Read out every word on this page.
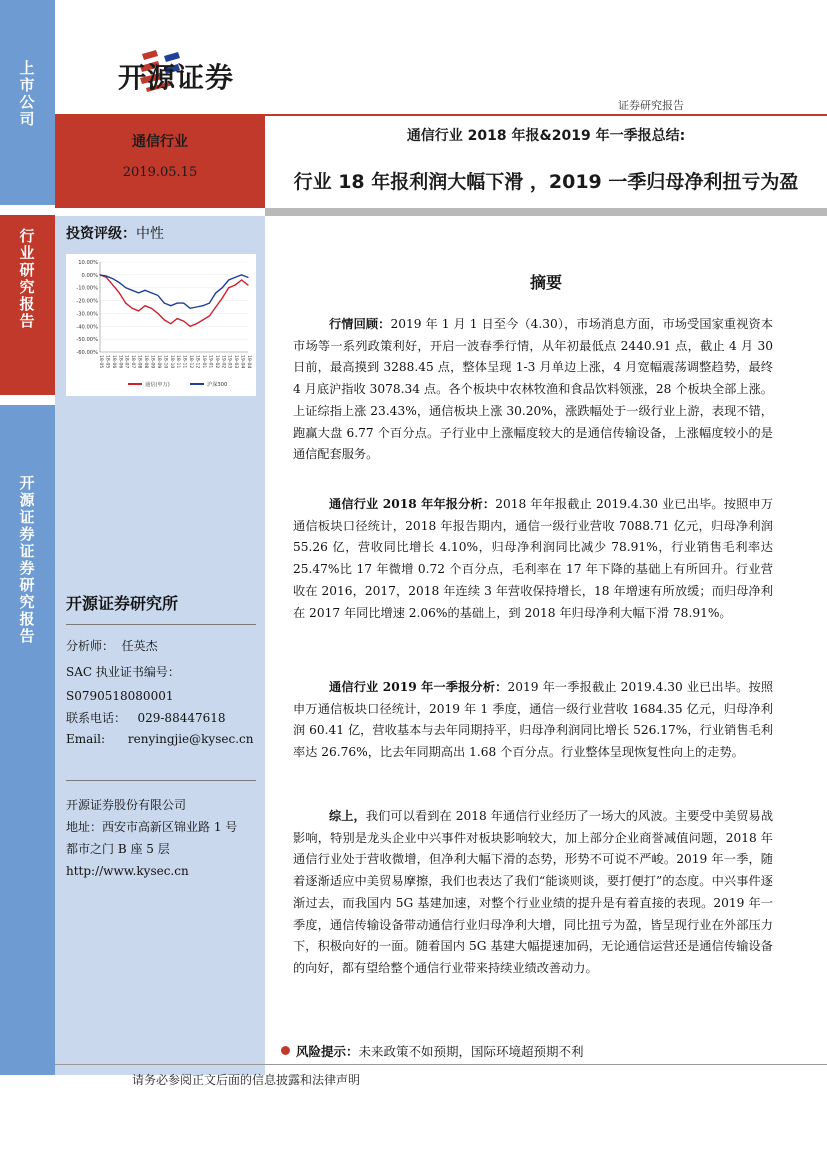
上市公司
行业研究报告
开源证券 证券研究报告
开源证券
证券研究报告
通信行业
2019.05.15
通信行业 2018 年报&2019 年一季报总结:
行业 18 年报利润大幅下滑 ，2019 一季归母净利扭亏为盈
投资评级：中性
10.00%
0.00%
-10.00%
-20.00%
-30.00%
-40.00%
-50.00%
-60.00%
18-05 18-05 18-06 18-06 18-07 18-07 18-08 18-08 18-09 18-09 18-10 18-10 18-11 18-11 18-12 18-12 19-01 19-01 19-02 19-02 19-03 19-03 19-04 19-04
通信(申万)	沪深300
开源证券研究所
分析师： 任英杰
SAC 执业证书编号：
S0790518080001
联系电话： 029-88447618
Email: renyingjie@kysec.cn
开源证券股份有限公司
地址：西安市高新区锦业路 1 号
都市之门 B 座 5 层
http://www.kysec.cn
摘要
行情回顾：2019 年 1 月 1 日至今（4.30），市场消息方面，市场受国家重视资本市场等一系列政策利好，开启一波春季行情，从年初最低点 2440.91 点，截止 4 月 30 日前，最高摸到 3288.45 点，整体呈现 1-3 月单边上涨，4 月宽幅震荡调整趋势，最终 4 月底沪指收 3078.34 点。各个板块中农林牧渔和食品饮料领涨，28 个板块全部上涨。上证综指上涨 23.43%，通信板块上涨 30.20%，涨跌幅处于一级行业上游，表现不错，跑赢大盘 6.77 个百分点。子行业中上涨幅度较大的是通信传输设备，上涨幅度较小的是通信配套服务。
通信行业 2018 年年报分析：2018 年年报截止 2019.4.30 业已出毕。按照申万通信板块口径统计，2018 年报告期内，通信一级行业营收 7088.71 亿元，归母净利润 55.26 亿，营收同比增长 4.10%，归母净利润同比减少 78.91%，行业销售毛利率达 25.47%比 17 年微增 0.72 个百分点，毛利率在 17 年下降的基础上有所回升。行业营收在 2016，2017，2018 年连续 3 年营收保持增长，18 年增速有所放缓；而归母净利在 2017 年同比增速 2.06%的基础上，到 2018 年归母净利大幅下滑 78.91%。
通信行业 2019 年一季报分析：2019 年一季报截止 2019.4.30 业已出毕。按照申万通信板块口径统计，2019 年 1 季度，通信一级行业营收 1684.35 亿元，归母净利润 60.41 亿，营收基本与去年同期持平，归母净利润同比增长 526.17%，行业销售毛利率达 26.76%，比去年同期高出 1.68 个百分点。行业整体呈现恢复性向上的走势。
综上，我们可以看到在 2018 年通信行业经历了一场大的风波。主要受中美贸易战影响，特别是龙头企业中兴事件对板块影响较大，加上部分企业商誉减值问题，2018 年通信行业处于营收微增，但净利大幅下滑的态势，形势不可说不严峻。2019 年一季，随着逐渐适应中美贸易摩擦，我们也表达了我们“能谈则谈，要打便打”的态度。中兴事件逐渐过去，而我国内 5G 基建加速，对整个行业业绩的提升是有着直接的表现。2019 年一季度，通信传输设备带动通信行业归母净利大增，同比扭亏为盈，皆呈现行业在外部压力下，积极向好的一面。随着国内 5G 基建大幅提速加码，无论通信运营还是通信传输设备的向好，都有望给整个通信行业带来持续业绩改善动力。
风险提示：未来政策不如预期，国际环境超预期不利
请务必参阅正文后面的信息披露和法律声明
